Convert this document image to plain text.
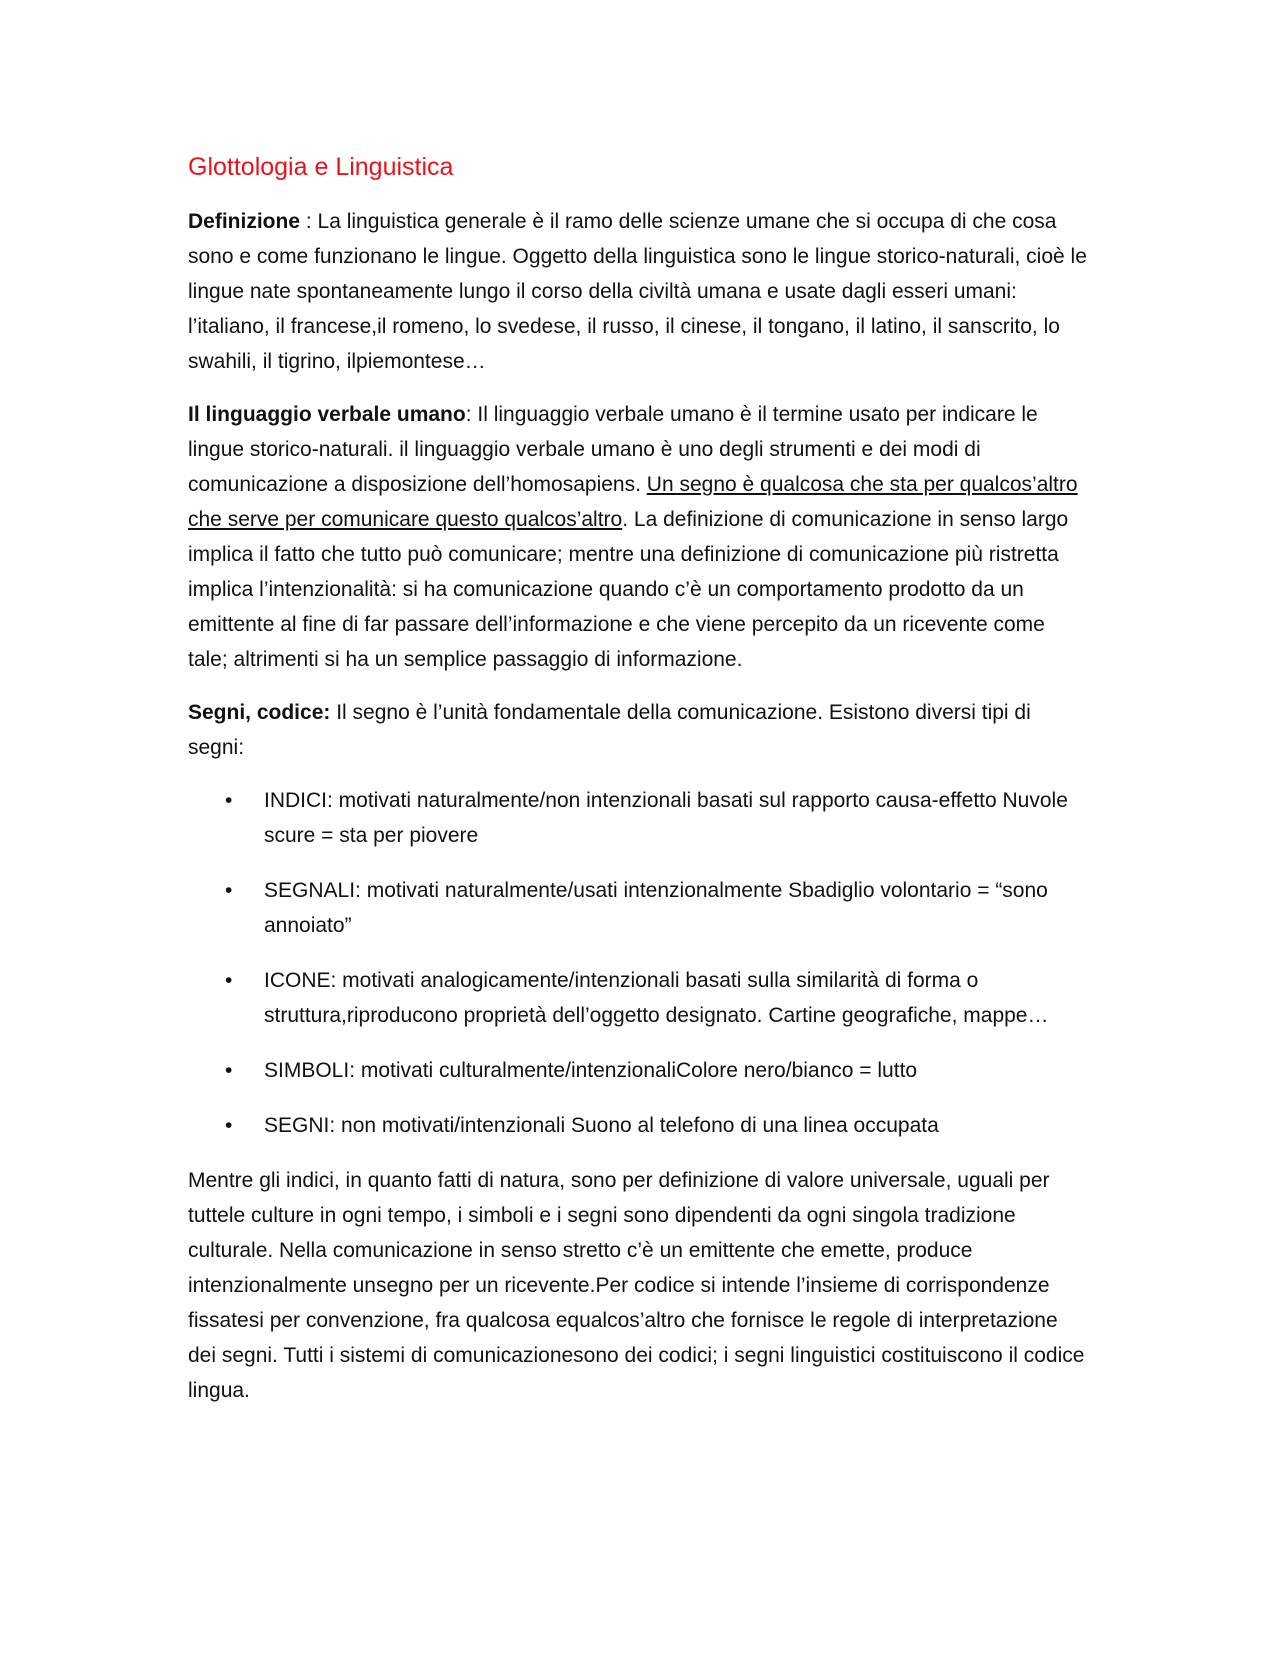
Glottologia e Linguistica

Definizione : La linguistica generale è il ramo delle scienze umane che si occupa di che cosa sono e come funzionano le lingue. Oggetto della linguistica sono le lingue storico-naturali, cioè le lingue nate spontaneamente lungo il corso della civiltà umana e usate dagli esseri umani: l’italiano, il francese,il romeno, lo svedese, il russo, il cinese, il tongano, il latino, il sanscrito, lo swahili, il tigrino, ilpiemontese…

Il linguaggio verbale umano: Il linguaggio verbale umano è il termine usato per indicare le lingue storico-naturali. il linguaggio verbale umano è uno degli strumenti e dei modi di comunicazione a disposizione dell’homosapiens. Un segno è qualcosa che sta per qualcos’altro che serve per comunicare questo qualcos’altro. La definizione di comunicazione in senso largo implica il fatto che tutto può comunicare; mentre una definizione di comunicazione più ristretta implica l’intenzionalità: si ha comunicazione quando c’è un comportamento prodotto da un emittente al fine di far passare dell’informazione e che viene percepito da un ricevente come tale; altrimenti si ha un semplice passaggio di informazione.

Segni, codice: Il segno è l’unità fondamentale della comunicazione. Esistono diversi tipi di segni:

• INDICI: motivati naturalmente/non intenzionali basati sul rapporto causa-effetto Nuvole scure = sta per piovere
• SEGNALI: motivati naturalmente/usati intenzionalmente Sbadiglio volontario = “sono annoiato”
• ICONE: motivati analogicamente/intenzionali basati sulla similarità di forma o struttura,riproducono proprietà dell’oggetto designato. Cartine geografiche, mappe…
• SIMBOLI: motivati culturalmente/intenzionaliColore nero/bianco = lutto
• SEGNI: non motivati/intenzionali Suono al telefono di una linea occupata

Mentre gli indici, in quanto fatti di natura, sono per definizione di valore universale, uguali per tuttele culture in ogni tempo, i simboli e i segni sono dipendenti da ogni singola tradizione culturale. Nella comunicazione in senso stretto c’è un emittente che emette, produce intenzionalmente unsegno per un ricevente.Per codice si intende l’insieme di corrispondenze fissatesi per convenzione, fra qualcosa equalcos’altro che fornisce le regole di interpretazione dei segni. Tutti i sistemi di comunicazionesono dei codici; i segni linguistici costituiscono il codice lingua.
